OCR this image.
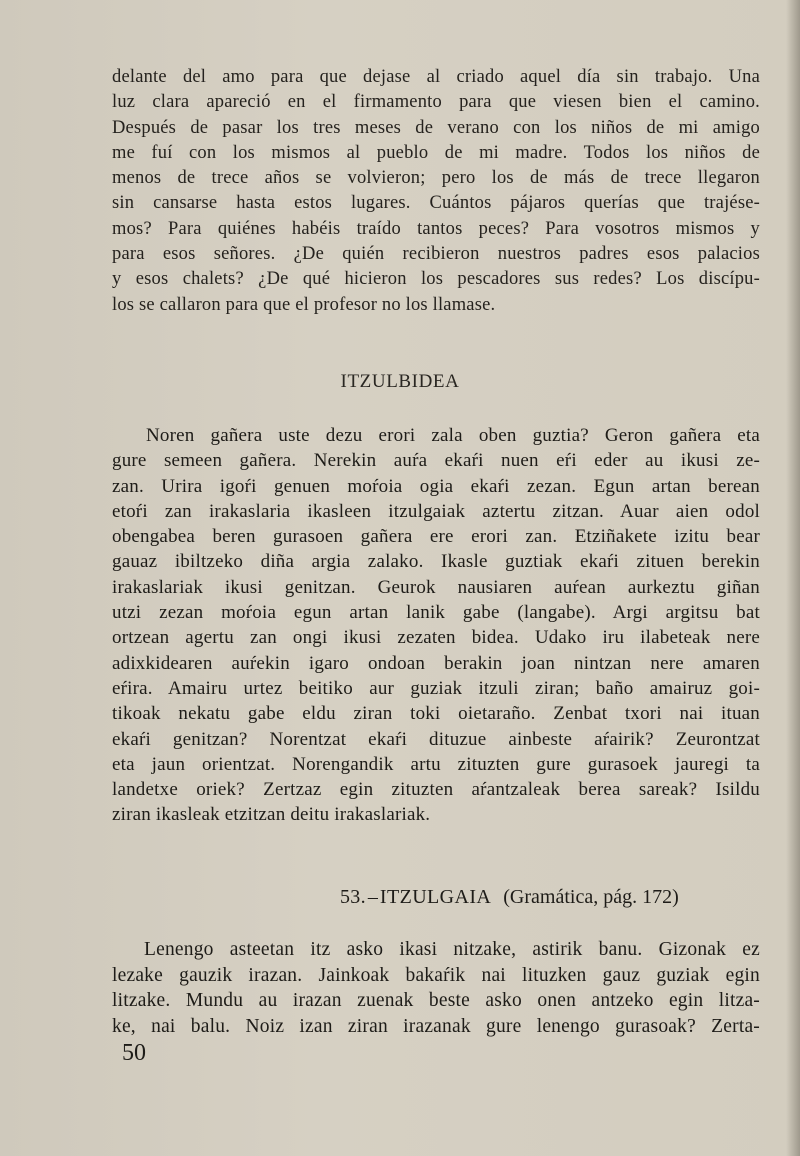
delante del amo para que dejase al criado aquel día sin trabajo. Una
luz clara apareció en el firmamento para que viesen bien el camino.
Después de pasar los tres meses de verano con los niños de mi amigo
me fuí con los mismos al pueblo de mi madre. Todos los niños de
menos de trece años se volvieron; pero los de más de trece llegaron
sin cansarse hasta estos lugares. Cuántos pájaros querías que trajése-
mos? Para quiénes habéis traído tantos peces? Para vosotros mismos y
para esos señores. ¿De quién recibieron nuestros padres esos palacios
y esos chalets? ¿De qué hicieron los pescadores sus redes? Los discípu-
los se callaron para que el profesor no los llamase.
ITZULBIDEA
Noren gañera uste dezu erori zala oben guztia? Geron gañera eta
gure semeen gañera. Nerekin auŕa ekaŕi nuen eŕi eder au ikusi ze-
zan. Urira igoŕi genuen moŕoia ogia ekaŕi zezan. Egun artan berean
etoŕi zan irakaslaria ikasleen itzulgaiak aztertu zitzan. Auar aien odol
obengabea beren gurasoen gañera ere erori zan. Etziñakete izitu bear
gauaz ibiltzeko diña argia zalako. Ikasle guztiak ekaŕi zituen berekin
irakaslariak ikusi genitzan. Geurok nausiaren auŕean aurkeztu giñan
utzi zezan moŕoia egun artan lanik gabe (langabe). Argi argitsu bat
ortzean agertu zan ongi ikusi zezaten bidea. Udako iru ilabeteak nere
adixkidearen auŕekin igaro ondoan berakin joan nintzan nere amaren
eŕira. Amairu urtez beitiko aur guziak itzuli ziran; baño amairuz goi-
tikoak nekatu gabe eldu ziran toki oietaraño. Zenbat txori nai ituan
ekaŕi genitzan? Norentzat ekaŕi dituzue ainbeste aŕairik? Zeurontzat
eta jaun orientzat. Norengandik artu zituzten gure gurasoek jauregi ta
landetxe oriek? Zertzaz egin zituzten aŕantzaleak berea sareak? Isildu
ziran ikasleak etzitzan deitu irakaslariak.
53. – ITZULGAIA (Gramática, pág. 172)
Lenengo asteetan itz asko ikasi nitzake, astirik banu. Gizonak ez
lezake gauzik irazan. Jainkoak bakaŕik nai lituzken gauz guziak egin
litzake. Mundu au irazan zuenak beste asko onen antzeko egin litza-
ke, nai balu. Noiz izan ziran irazanak gure lenengo gurasoak? Zerta-
50
